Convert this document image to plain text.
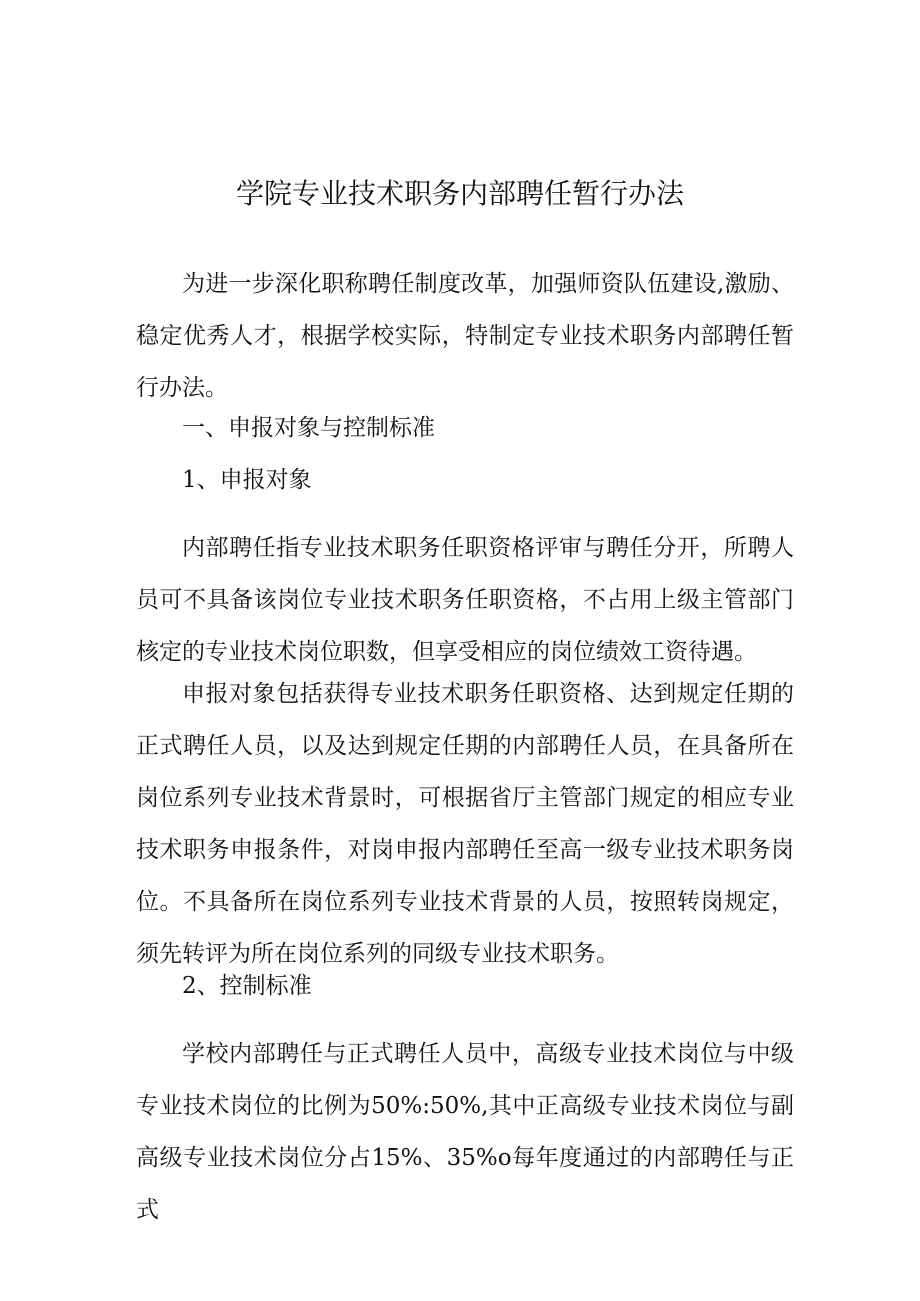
学院专业技术职务内部聘任暂行办法

为进一步深化职称聘任制度改革，加强师资队伍建设,激励、稳定优秀人才，根据学校实际，特制定专业技术职务内部聘任暂行办法。

一、申报对象与控制标准
1、申报对象

内部聘任指专业技术职务任职资格评审与聘任分开，所聘人员可不具备该岗位专业技术职务任职资格，不占用上级主管部门核定的专业技术岗位职数，但享受相应的岗位绩效工资待遇。

申报对象包括获得专业技术职务任职资格、达到规定任期的正式聘任人员，以及达到规定任期的内部聘任人员，在具备所在岗位系列专业技术背景时，可根据省厅主管部门规定的相应专业技术职务申报条件，对岗申报内部聘任至高一级专业技术职务岗位。不具备所在岗位系列专业技术背景的人员，按照转岗规定，须先转评为所在岗位系列的同级专业技术职务。

2、控制标准

学校内部聘任与正式聘任人员中，高级专业技术岗位与中级专业技术岗位的比例为50%:50%,其中正高级专业技术岗位与副高级专业技术岗位分占15%、35%o每年度通过的内部聘任与正式
